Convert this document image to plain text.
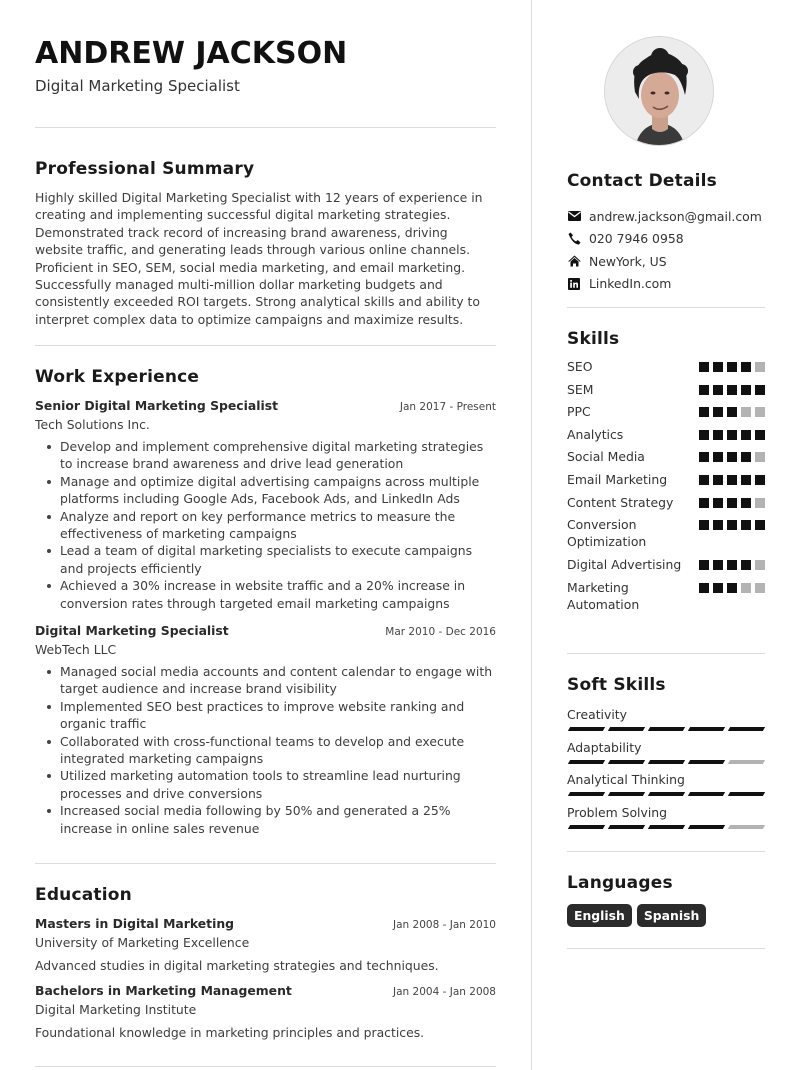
ANDREW JACKSON
Digital Marketing Specialist
Professional Summary
Highly skilled Digital Marketing Specialist with 12 years of experience in creating and implementing successful digital marketing strategies. Demonstrated track record of increasing brand awareness, driving website traffic, and generating leads through various online channels. Proficient in SEO, SEM, social media marketing, and email marketing. Successfully managed multi-million dollar marketing budgets and consistently exceeded ROI targets. Strong analytical skills and ability to interpret complex data to optimize campaigns and maximize results.
Work Experience
Senior Digital Marketing Specialist	Jan 2017 - Present
Tech Solutions Inc.
Develop and implement comprehensive digital marketing strategies to increase brand awareness and drive lead generation
Manage and optimize digital advertising campaigns across multiple platforms including Google Ads, Facebook Ads, and LinkedIn Ads
Analyze and report on key performance metrics to measure the effectiveness of marketing campaigns
Lead a team of digital marketing specialists to execute campaigns and projects efficiently
Achieved a 30% increase in website traffic and a 20% increase in conversion rates through targeted email marketing campaigns
Digital Marketing Specialist	Mar 2010 - Dec 2016
WebTech LLC
Managed social media accounts and content calendar to engage with target audience and increase brand visibility
Implemented SEO best practices to improve website ranking and organic traffic
Collaborated with cross-functional teams to develop and execute integrated marketing campaigns
Utilized marketing automation tools to streamline lead nurturing processes and drive conversions
Increased social media following by 50% and generated a 25% increase in online sales revenue
Education
Masters in Digital Marketing	Jan 2008 - Jan 2010
University of Marketing Excellence
Advanced studies in digital marketing strategies and techniques.
Bachelors in Marketing Management	Jan 2004 - Jan 2008
Digital Marketing Institute
Foundational knowledge in marketing principles and practices.
Contact Details
andrew.jackson@gmail.com
020 7946 0958
NewYork, US
LinkedIn.com
Skills
SEO
SEM
PPC
Analytics
Social Media
Email Marketing
Content Strategy
Conversion Optimization
Digital Advertising
Marketing Automation
Soft Skills
Creativity
Adaptability
Analytical Thinking
Problem Solving
Languages
English	Spanish
